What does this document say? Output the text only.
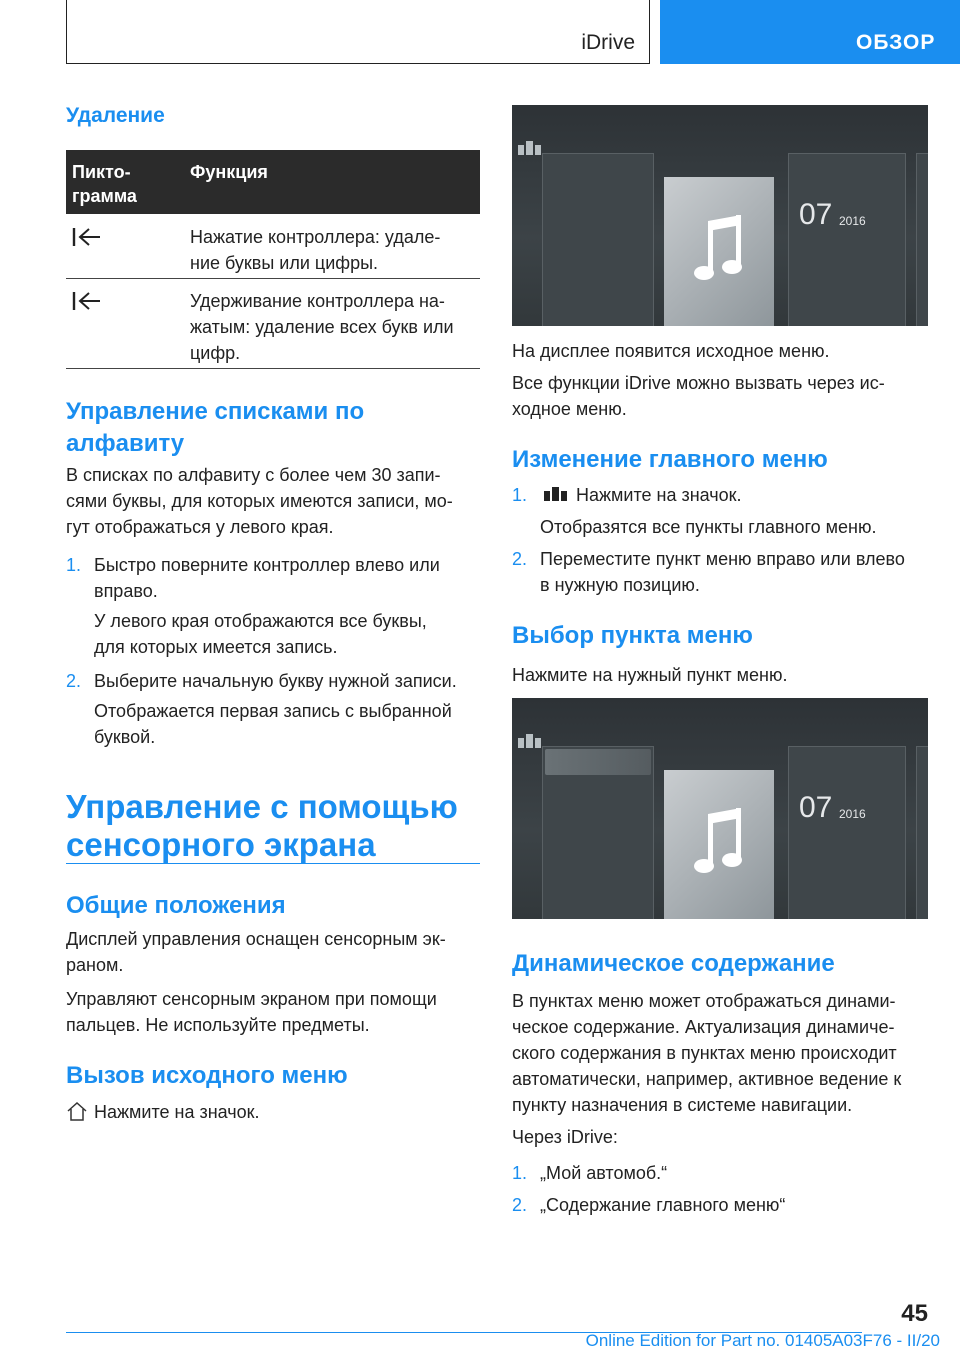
iDrive	ОБЗОР
Удаление
Пикто-
грамма
Функция
Нажатие контроллера: удале-
ние буквы или цифры.
Удерживание контроллера на-
жатым: удаление всех букв или
цифр.
Управление списками по
алфавиту
В списках по алфавиту с более чем 30 запи-
сями буквы, для которых имеются записи, мо-
гут отображаться у левого края.
1. Быстро поверните контроллер влево или
вправо.
У левого края отображаются все буквы,
для которых имеется запись.
2. Выберите начальную букву нужной записи.
Отображается первая запись с выбранной
буквой.
Управление с помощью
сенсорного экрана
Общие положения
Дисплей управления оснащен сенсорным эк-
раном.
Управляют сенсорным экраном при помощи
пальцев. Не используйте предметы.
Вызов исходного меню
Нажмите на значок.
07 2016
На дисплее появится исходное меню.
Все функции iDrive можно вызвать через ис-
ходное меню.
Изменение главного меню
1.	Нажмите на значок.
Отобразятся все пункты главного меню.
2. Переместите пункт меню вправо или влево
в нужную позицию.
Выбор пункта меню
Нажмите на нужный пункт меню.
07 2016
Динамическое содержание
В пунктах меню может отображаться динами-
ческое содержание. Актуализация динамиче-
ского содержания в пунктах меню происходит
автоматически, например, активное ведение к
пункту назначения в системе навигации.
Через iDrive:
1. „Мой автомоб.“
2. „Содержание главного меню“
45
Online Edition for Part no. 01405A03F76 - II/20
